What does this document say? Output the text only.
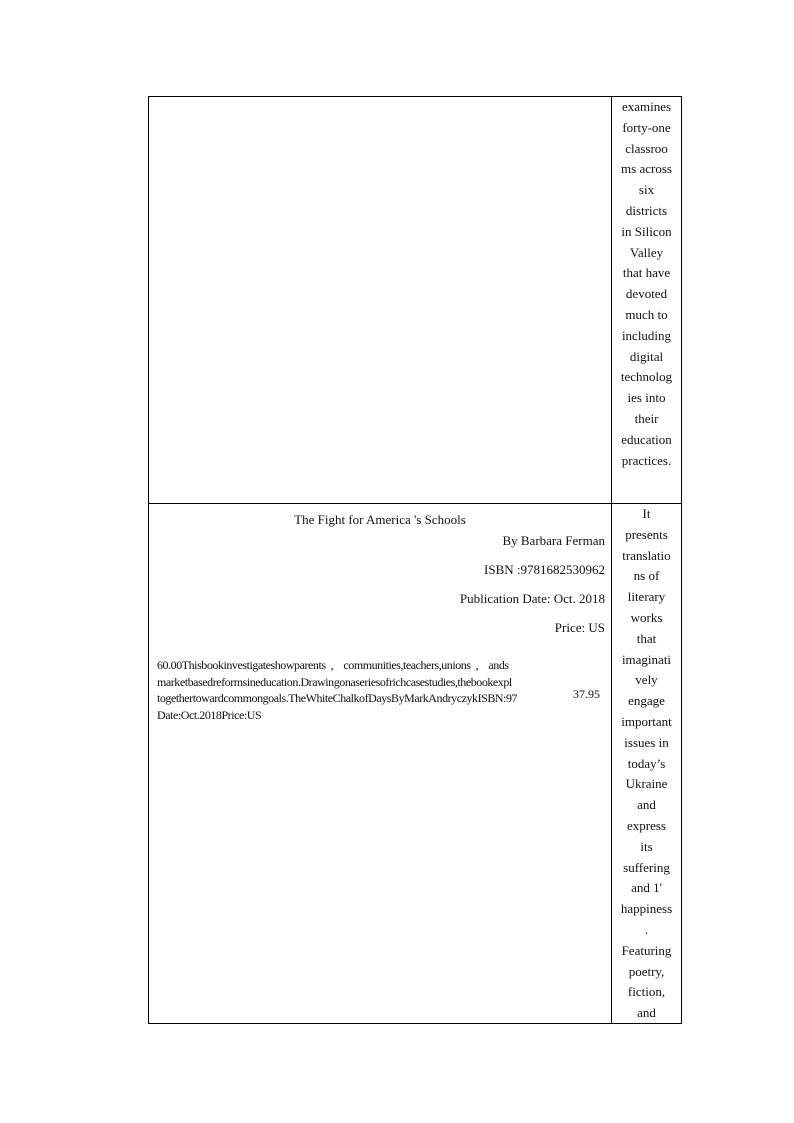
examines
forty-one
classroo
ms across
six
districts
in Silicon
Valley
that have
devoted
much to
including
digital
technolog
ies into
their
education
practices.
The Fight for America 's Schools
By Barbara Ferman
ISBN :9781682530962
Publication Date: Oct. 2018
Price: US
60.00Thisbookinvestigateshowparents  ,    communities,teachers,unions  ,    ands
marketbasedreformsineducation.Drawingonaseriesofrichcasestudies,thebookexpl
togethertowardcommongoals.TheWhiteChalkofDaysByMarkAndryczykISBN:97
Date:Oct.2018Price:US
37.95
It
presents
translatio
ns of
literary
works
that
imaginati
vely
engage
important
issues in
today’s
Ukraine
and
express
its
suffering
and 1'
happiness
.
Featuring
poetry,
fiction,
and
